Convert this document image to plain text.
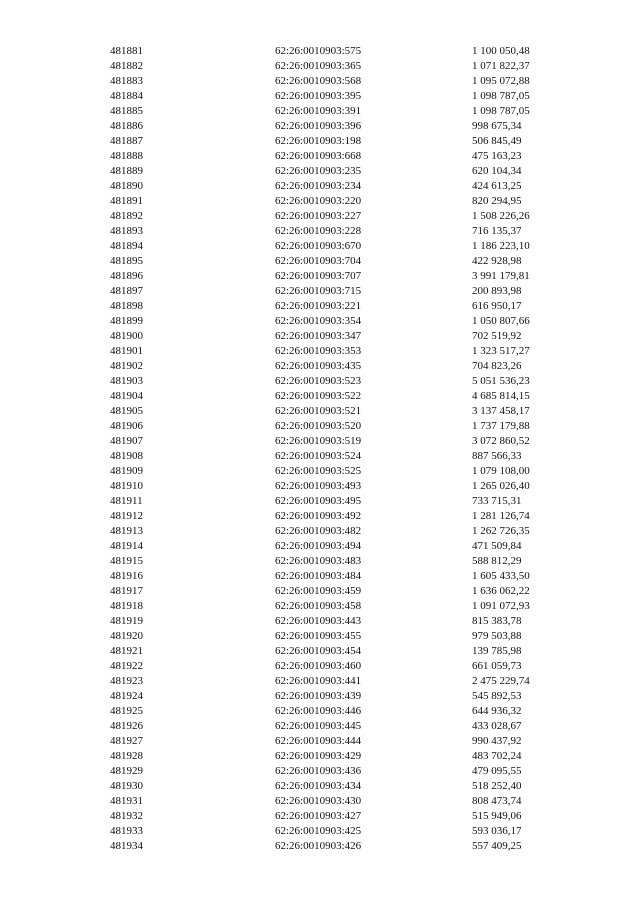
481881	62:26:0010903:575	1 100 050,48
481882	62:26:0010903:365	1 071 822,37
481883	62:26:0010903:568	1 095 072,88
481884	62:26:0010903:395	1 098 787,05
481885	62:26:0010903:391	1 098 787,05
481886	62:26:0010903:396	998 675,34
481887	62:26:0010903:198	506 845,49
481888	62:26:0010903:668	475 163,23
481889	62:26:0010903:235	620 104,34
481890	62:26:0010903:234	424 613,25
481891	62:26:0010903:220	820 294,95
481892	62:26:0010903:227	1 508 226,26
481893	62:26:0010903:228	716 135,37
481894	62:26:0010903:670	1 186 223,10
481895	62:26:0010903:704	422 928,98
481896	62:26:0010903:707	3 991 179,81
481897	62:26:0010903:715	200 893,98
481898	62:26:0010903:221	616 950,17
481899	62:26:0010903:354	1 050 807,66
481900	62:26:0010903:347	702 519,92
481901	62:26:0010903:353	1 323 517,27
481902	62:26:0010903:435	704 823,26
481903	62:26:0010903:523	5 051 536,23
481904	62:26:0010903:522	4 685 814,15
481905	62:26:0010903:521	3 137 458,17
481906	62:26:0010903:520	1 737 179,88
481907	62:26:0010903:519	3 072 860,52
481908	62:26:0010903:524	887 566,33
481909	62:26:0010903:525	1 079 108,00
481910	62:26:0010903:493	1 265 026,40
481911	62:26:0010903:495	733 715,31
481912	62:26:0010903:492	1 281 126,74
481913	62:26:0010903:482	1 262 726,35
481914	62:26:0010903:494	471 509,84
481915	62:26:0010903:483	588 812,29
481916	62:26:0010903:484	1 605 433,50
481917	62:26:0010903:459	1 636 062,22
481918	62:26:0010903:458	1 091 072,93
481919	62:26:0010903:443	815 383,78
481920	62:26:0010903:455	979 503,88
481921	62:26:0010903:454	139 785,98
481922	62:26:0010903:460	661 059,73
481923	62:26:0010903:441	2 475 229,74
481924	62:26:0010903:439	545 892,53
481925	62:26:0010903:446	644 936,32
481926	62:26:0010903:445	433 028,67
481927	62:26:0010903:444	990 437,92
481928	62:26:0010903:429	483 702,24
481929	62:26:0010903:436	479 095,55
481930	62:26:0010903:434	518 252,40
481931	62:26:0010903:430	808 473,74
481932	62:26:0010903:427	515 949,06
481933	62:26:0010903:425	593 036,17
481934	62:26:0010903:426	557 409,25
